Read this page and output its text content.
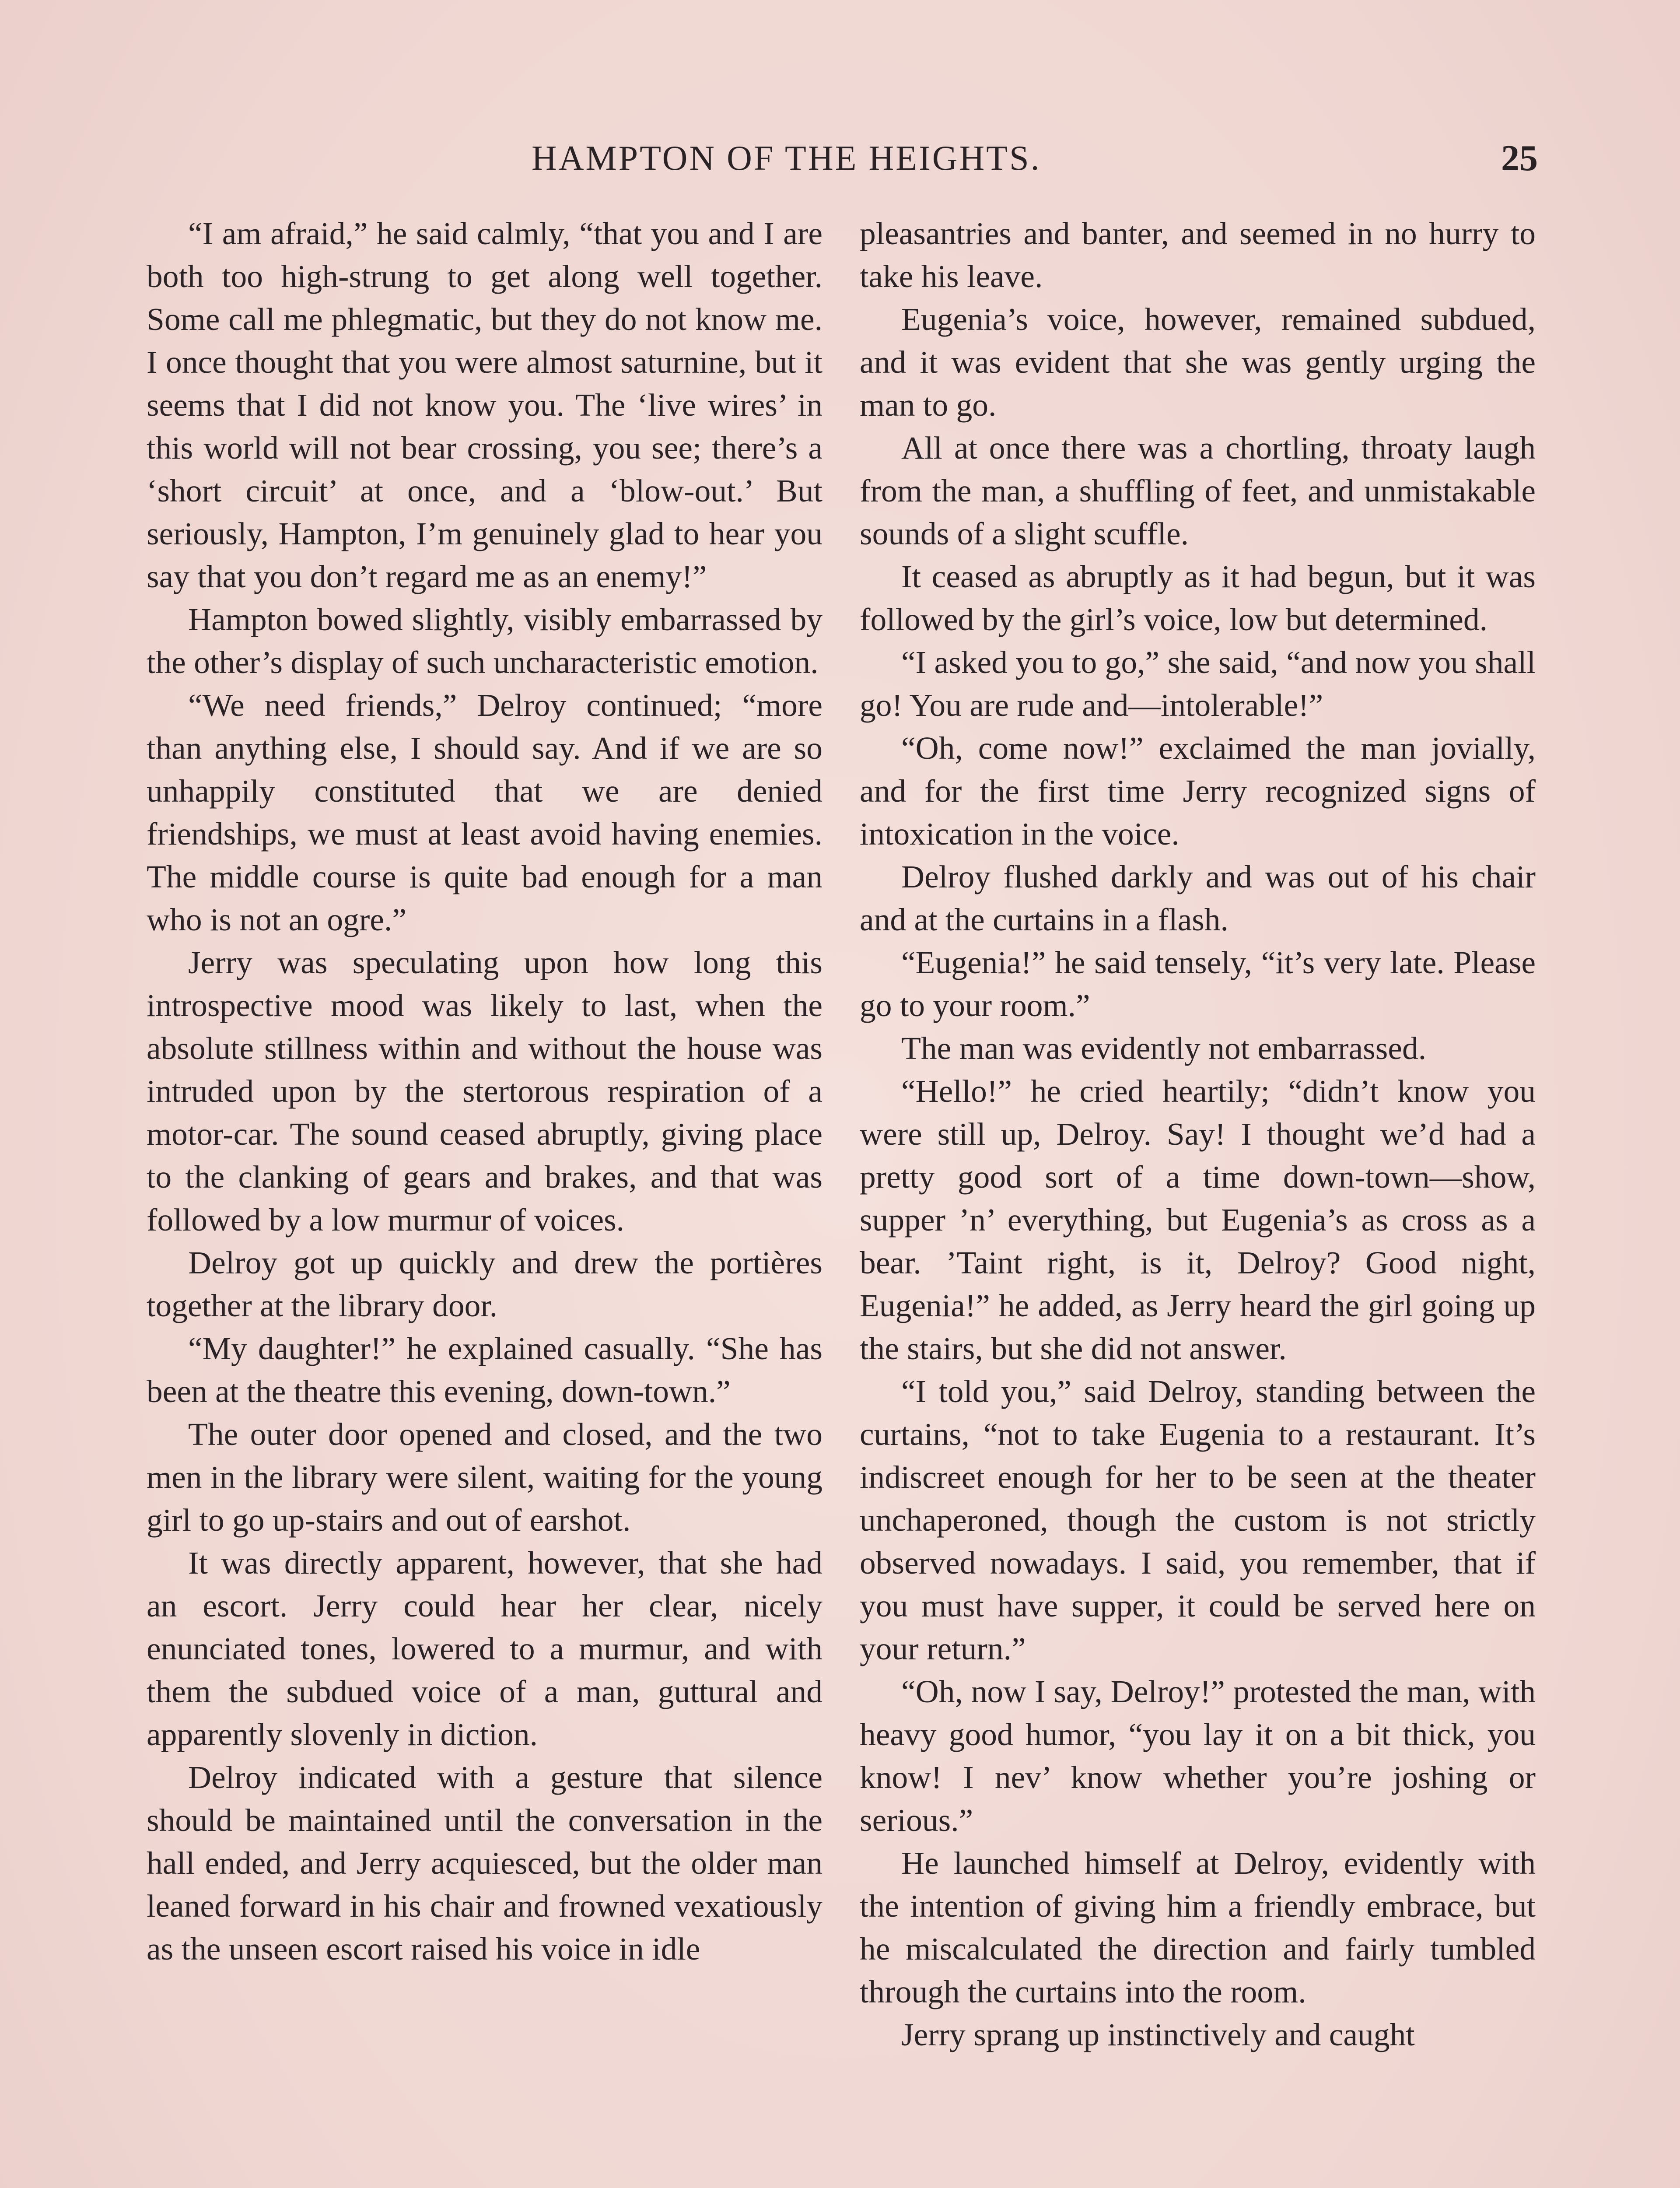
HAMPTON OF THE HEIGHTS.	25

“I am afraid,” he said calmly, “that you and I are both too high-strung to get along well together. Some call me phlegmatic, but they do not know me. I once thought that you were almost saturnine, but it seems that I did not know you. The ‘live wires’ in this world will not bear crossing, you see; there’s a ‘short circuit’ at once, and a ‘blow-out.’ But seriously, Hampton, I’m genuinely glad to hear you say that you don’t regard me as an enemy!”

Hampton bowed slightly, visibly embarrassed by the other’s display of such uncharacteristic emotion.

“We need friends,” Delroy continued; “more than anything else, I should say. And if we are so unhappily constituted that we are denied friendships, we must at least avoid having enemies. The middle course is quite bad enough for a man who is not an ogre.”

Jerry was speculating upon how long this introspective mood was likely to last, when the absolute stillness within and without the house was intruded upon by the stertorous respiration of a motor-car. The sound ceased abruptly, giving place to the clanking of gears and brakes, and that was followed by a low murmur of voices.

Delroy got up quickly and drew the portières together at the library door.

“My daughter!” he explained casually. “She has been at the theatre this evening, down-town.”

The outer door opened and closed, and the two men in the library were silent, waiting for the young girl to go up-stairs and out of earshot.

It was directly apparent, however, that she had an escort. Jerry could hear her clear, nicely enunciated tones, lowered to a murmur, and with them the subdued voice of a man, guttural and apparently slovenly in diction.

Delroy indicated with a gesture that silence should be maintained until the conversation in the hall ended, and Jerry acquiesced, but the older man leaned forward in his chair and frowned vexatiously as the unseen escort raised his voice in idle

pleasantries and banter, and seemed in no hurry to take his leave.

Eugenia’s voice, however, remained subdued, and it was evident that she was gently urging the man to go.

All at once there was a chortling, throaty laugh from the man, a shuffling of feet, and unmistakable sounds of a slight scuffle.

It ceased as abruptly as it had begun, but it was followed by the girl’s voice, low but determined.

“I asked you to go,” she said, “and now you shall go! You are rude and—intolerable!”

“Oh, come now!” exclaimed the man jovially, and for the first time Jerry recognized signs of intoxication in the voice.

Delroy flushed darkly and was out of his chair and at the curtains in a flash.

“Eugenia!” he said tensely, “it’s very late. Please go to your room.”

The man was evidently not embarrassed.

“Hello!” he cried heartily; “didn’t know you were still up, Delroy. Say! I thought we’d had a pretty good sort of a time down-town—show, supper ’n’ everything, but Eugenia’s as cross as a bear. ’Taint right, is it, Delroy? Good night, Eugenia!” he added, as Jerry heard the girl going up the stairs, but she did not answer.

“I told you,” said Delroy, standing between the curtains, “not to take Eugenia to a restaurant. It’s indiscreet enough for her to be seen at the theater unchaperoned, though the custom is not strictly observed nowadays. I said, you remember, that if you must have supper, it could be served here on your return.”

“Oh, now I say, Delroy!” protested the man, with heavy good humor, “you lay it on a bit thick, you know! I nev’ know whether you’re joshing or serious.”

He launched himself at Delroy, evidently with the intention of giving him a friendly embrace, but he miscalculated the direction and fairly tumbled through the curtains into the room.

Jerry sprang up instinctively and caught
